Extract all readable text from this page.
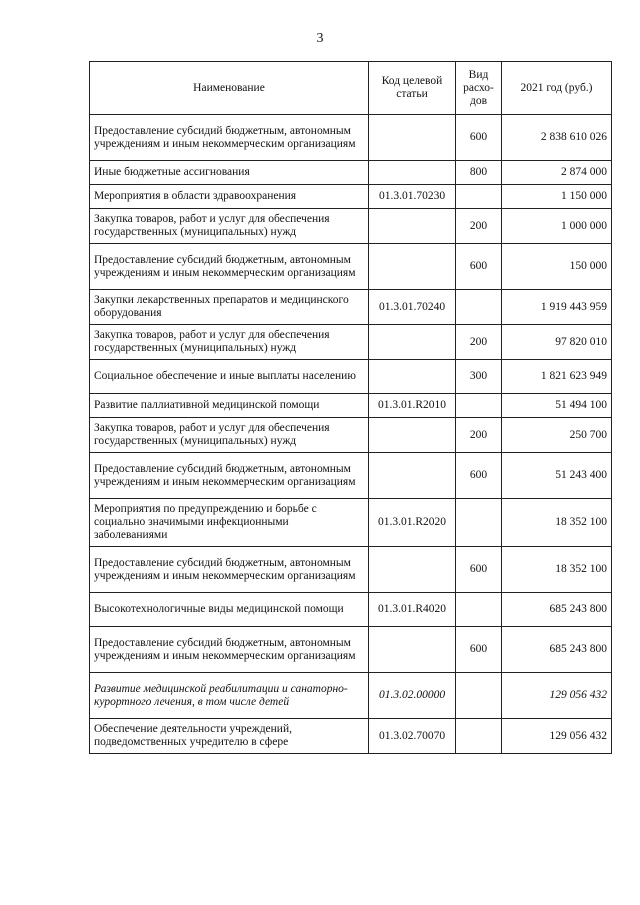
3
Наименование	Код целевой статьи	Вид расхо-дов	2021 год (руб.)
Предоставление субсидий бюджетным, автономным учреждениям и иным некоммерческим организациям		600	2 838 610 026
Иные бюджетные ассигнования		800	2 874 000
Мероприятия в области здравоохранения	01.3.01.70230		1 150 000
Закупка товаров, работ и услуг для обеспечения государственных (муниципальных) нужд		200	1 000 000
Предоставление субсидий бюджетным, автономным учреждениям и иным некоммерческим организациям		600	150 000
Закупки лекарственных препаратов и медицинского оборудования	01.3.01.70240		1 919 443 959
Закупка товаров, работ и услуг для обеспечения государственных (муниципальных) нужд		200	97 820 010
Социальное обеспечение и иные выплаты населению		300	1 821 623 949
Развитие паллиативной медицинской помощи	01.3.01.R2010		51 494 100
Закупка товаров, работ и услуг для обеспечения государственных (муниципальных) нужд		200	250 700
Предоставление субсидий бюджетным, автономным учреждениям и иным некоммерческим организациям		600	51 243 400
Мероприятия по предупреждению и борьбе с социально значимыми инфекционными заболеваниями	01.3.01.R2020		18 352 100
Предоставление субсидий бюджетным, автономным учреждениям и иным некоммерческим организациям		600	18 352 100
Высокотехнологичные виды медицинской помощи	01.3.01.R4020		685 243 800
Предоставление субсидий бюджетным, автономным учреждениям и иным некоммерческим организациям		600	685 243 800
Развитие медицинской реабилитации и санаторно-курортного лечения, в том числе детей	01.3.02.00000		129 056 432
Обеспечение деятельности учреждений, подведомственных учредителю в сфере	01.3.02.70070		129 056 432
